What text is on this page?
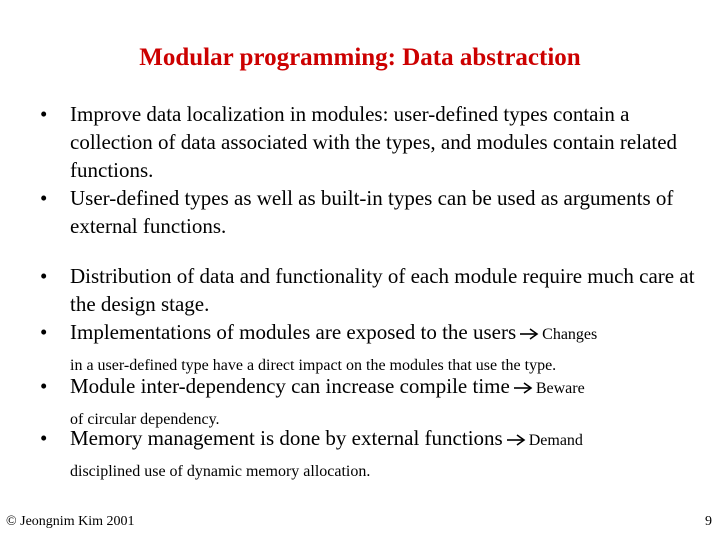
Modular programming: Data abstraction
•	Improve data localization in modules: user-defined types contain a collection of data associated with the types, and modules contain related functions.
•	User-defined types as well as built-in types can be used as arguments of external functions.
•	Distribution of data and functionality of each module require much care at the design stage.
•	Implementations of modules are exposed to the users Changes
in a user-defined type have a direct impact on the modules that use the type.
•	Module inter-dependency can increase compile time Beware
of circular dependency.
•	Memory management is done by external functions Demand
disciplined use of dynamic memory allocation.
© Jeongnim Kim 2001	9
